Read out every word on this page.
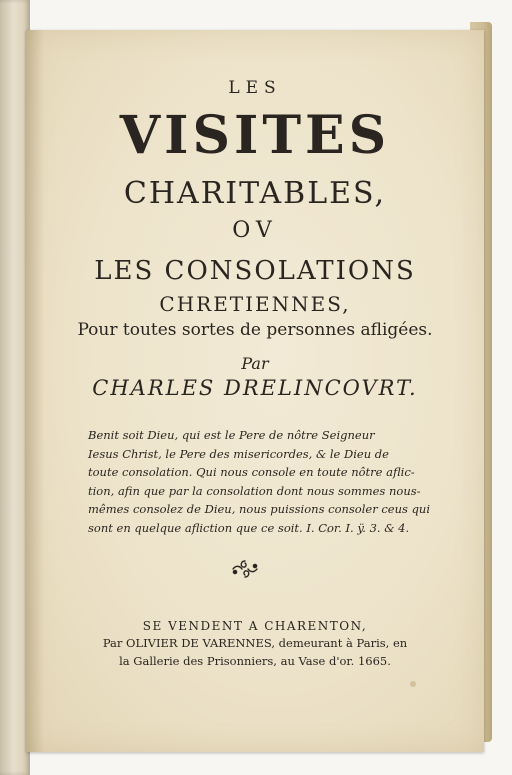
LES
VISITES
CHARITABLES,
OV
LES CONSOLATIONS
CHRETIENNES,
Pour toutes sortes de personnes afligées.
Par
CHARLES DRELINCOVRT.
Benit soit Dieu, qui est le Pere de nôtre Seigneur
Iesus Christ, le Pere des misericordes, & le Dieu de
toute consolation. Qui nous console en toute nôtre aflic-
tion, afin que par la consolation dont nous sommes nous-
mêmes consolez de Dieu, nous puissions consoler ceus qui
sont en quelque afliction que ce soit. I. Cor. I. ÿ. 3. & 4.
SE VENDENT A CHARENTON,
Par OLIVIER DE VARENNES, demeurant à Paris, en
la Gallerie des Prisonniers, au Vase d'or. 1665.
